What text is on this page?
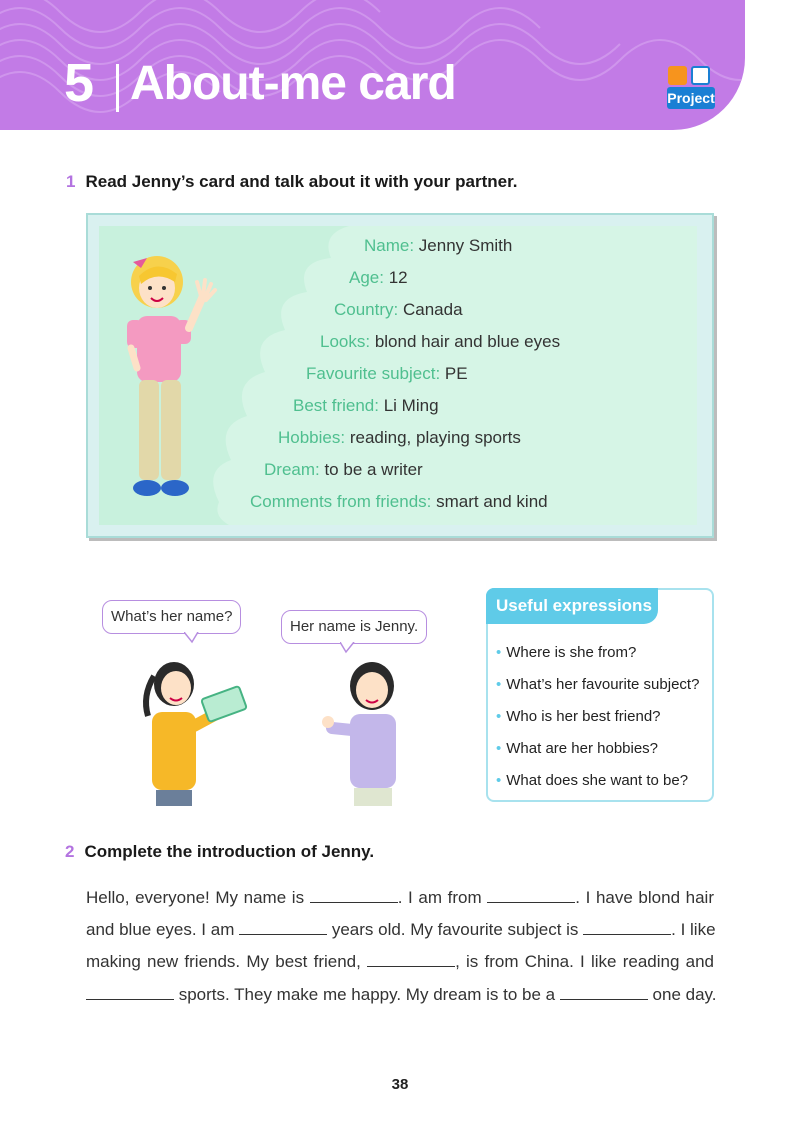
5 About-me card	Project
1 Read Jenny’s card and talk about it with your partner.
Name: Jenny Smith
Age: 12
Country: Canada
Looks: blond hair and blue eyes
Favourite subject: PE
Best friend: Li Ming
Hobbies: reading, playing sports
Dream: to be a writer
Comments from friends: smart and kind
What’s her name?
Her name is Jenny.
Useful expressions
• Where is she from?
• What’s her favourite subject?
• Who is her best friend?
• What are her hobbies?
• What does she want to be?
2 Complete the introduction of Jenny.
Hello, everyone! My name is	. I am from	. I have blond hair
and blue eyes. I am	years old. My favourite subject is	. I like
making new friends. My best friend,	, is from China. I like reading and
sports. They make me happy. My dream is to be a	one day.
38
